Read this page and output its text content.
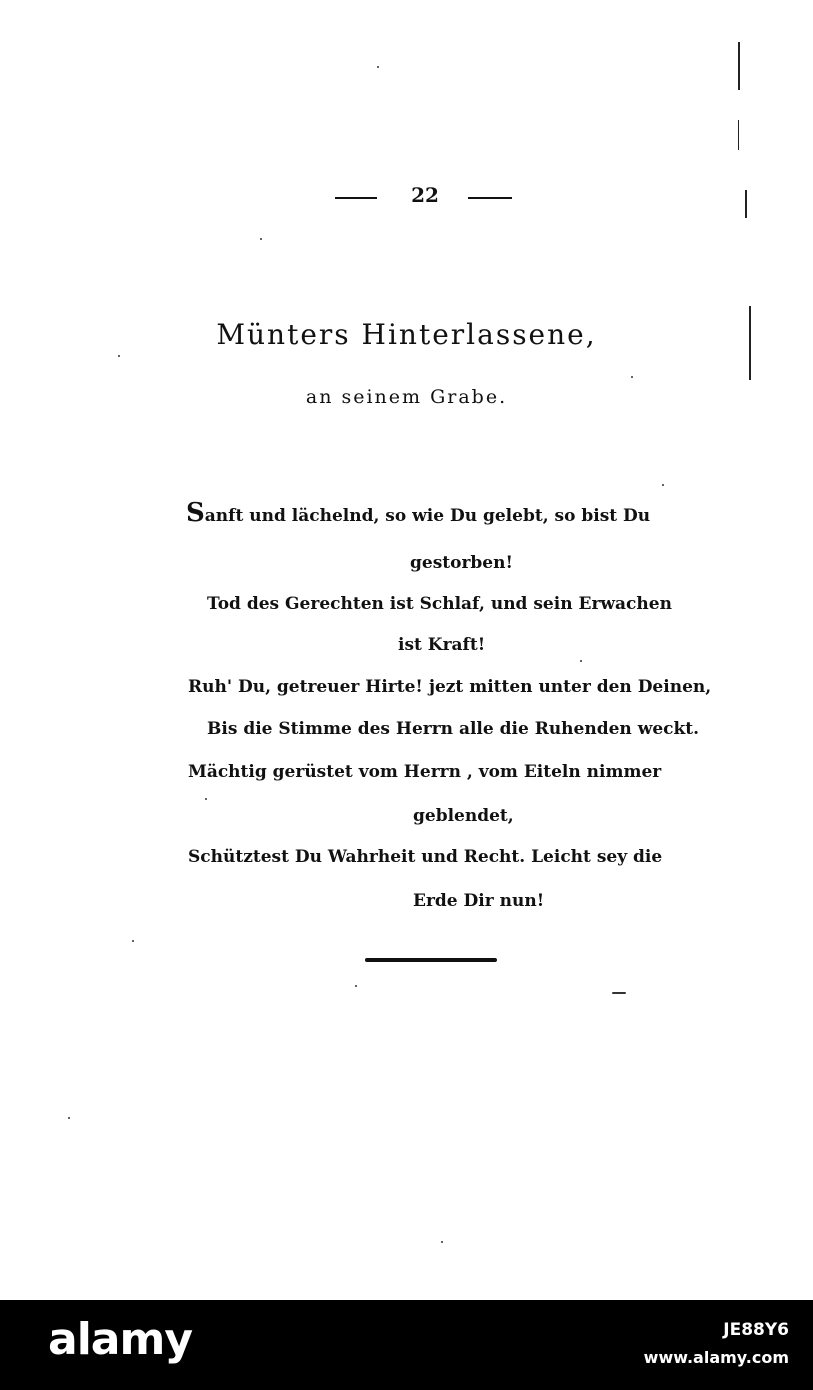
22
Münters Hinterlassene,
an seinem Grabe.
Sanft und lächelnd, so wie Du gelebt, so bist Du
gestorben!
Tod des Gerechten ist Schlaf, und sein Erwachen
ist Kraft!
Ruh' Du, getreuer Hirte! jezt mitten unter den Deinen,
Bis die Stimme des Herrn alle die Ruhenden weckt.
Mächtig gerüstet vom Herrn , vom Eiteln nimmer
geblendet,
Schütztest Du Wahrheit und Recht. Leicht sey die
Erde Dir nun!
alamy	JE88Y6
www.alamy.com
